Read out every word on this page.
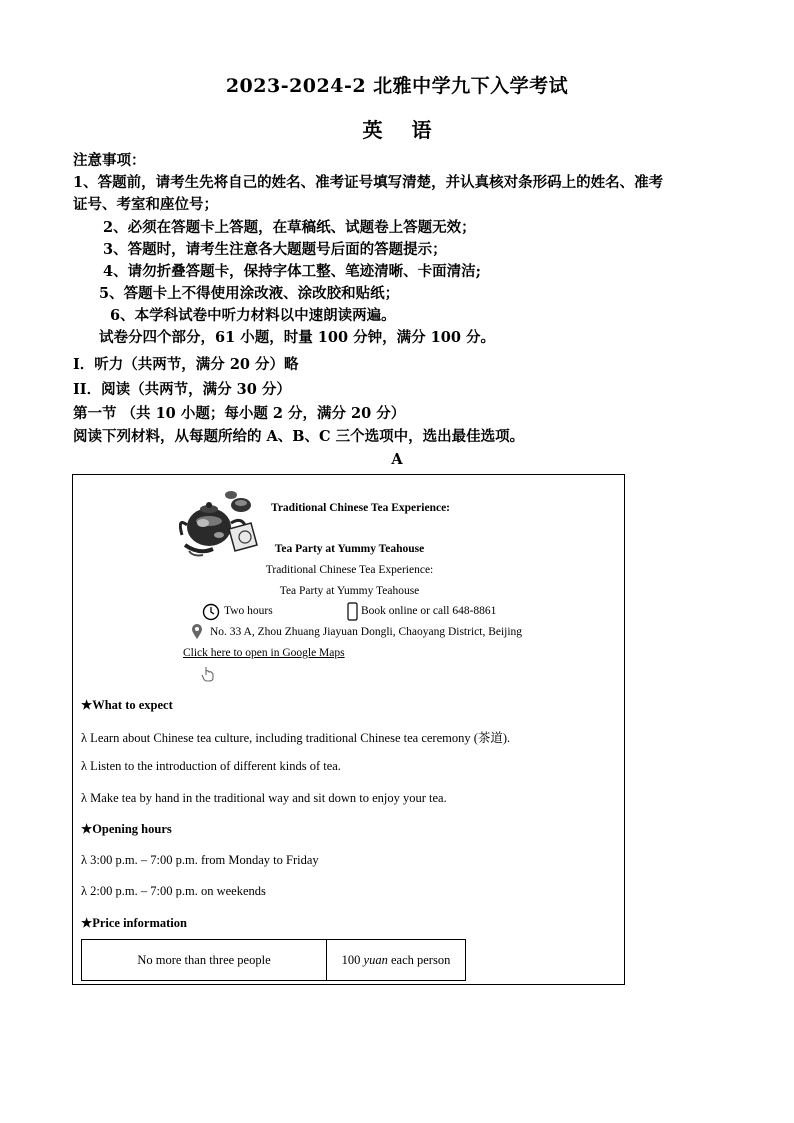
2023-2024-2 北雅中学九下入学考试
英 语
注意事项：
1、答题前，请考生先将自己的姓名、准考证号填写清楚，并认真核对条形码上的姓名、准考
证号、考室和座位号；
2、必须在答题卡上答题，在草稿纸、试题卷上答题无效；
3、答题时，请考生注意各大题题号后面的答题提示；
4、请勿折叠答题卡，保持字体工整、笔迹清晰、卡面清洁;
5、答题卡上不得使用涂改液、涂改胶和贴纸；
6、本学科试卷中听力材料以中速朗读两遍。
试卷分四个部分，61 小题，时量 100 分钟，满分 100 分。
I．听力（共两节，满分 20 分）略
II．阅读（共两节，满分 30 分）
第一节 （共 10 小题；每小题 2 分，满分 20 分）
阅读下列材料，从每题所给的 A、B、C 三个选项中，选出最佳选项。
A
Traditional Chinese Tea Experience:
Tea Party at Yummy Teahouse
Traditional Chinese Tea Experience:
Tea Party at Yummy Teahouse
Two hours	Book online or call 648-8861
No. 33 A, Zhou Zhuang Jiayuan Dongli, Chaoyang District, Beijing
Click here to open in Google Maps
★What to expect
λ Learn about Chinese tea culture, including traditional Chinese tea ceremony (茶道).
λ Listen to the introduction of different kinds of tea.
λ Make tea by hand in the traditional way and sit down to enjoy your tea.
★Opening hours
λ 3:00 p.m. – 7:00 p.m. from Monday to Friday
λ 2:00 p.m. – 7:00 p.m. on weekends
★Price information
No more than three people	100 yuan each person
